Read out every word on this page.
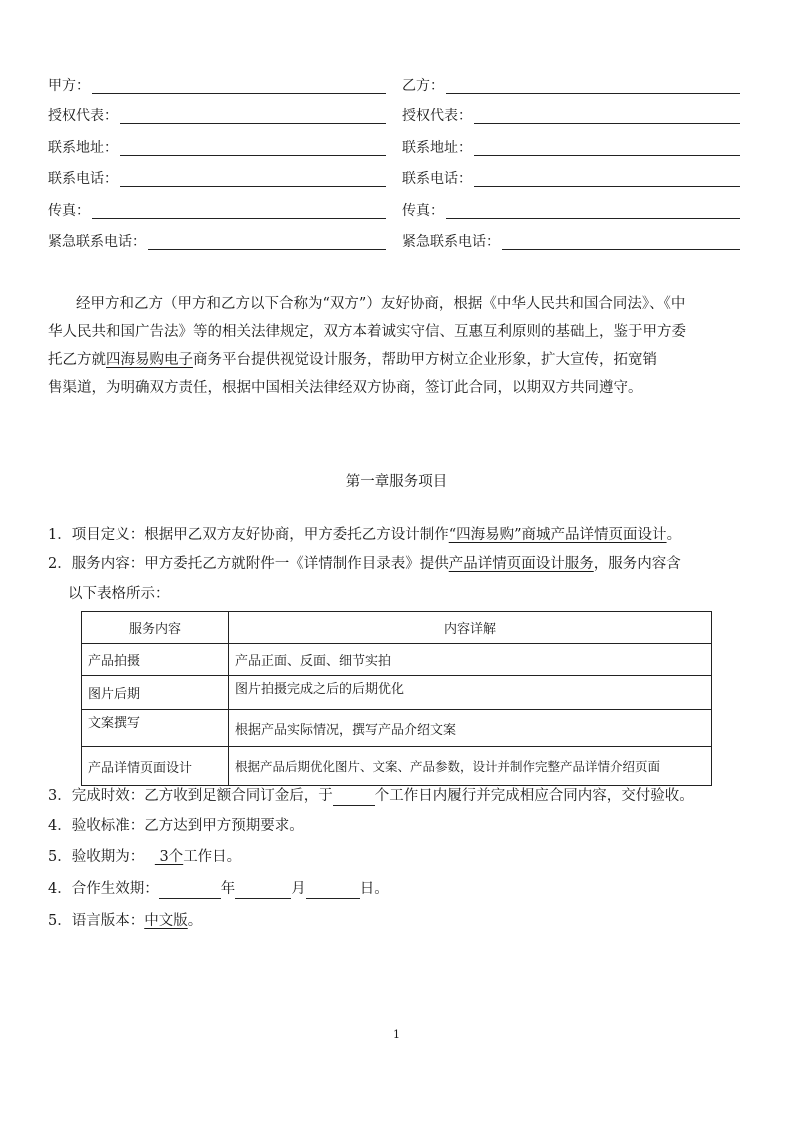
甲方：
授权代表：
联系地址：
联系电话：
传真：
紧急联系电话：
乙方：
授权代表：
联系地址：
联系电话：
传真：
紧急联系电话：
经甲方和乙方（甲方和乙方以下合称为“双方”）友好协商，根据《中华人民共和国合同法》、《中
华人民共和国广告法》等的相关法律规定，双方本着诚实守信、互惠互利原则的基础上，鉴于甲方委
托乙方就四海易购电子商务平台提供视觉设计服务，帮助甲方树立企业形象，扩大宣传，拓宽销
售渠道，为明确双方责任，根据中国相关法律经双方协商，签订此合同，以期双方共同遵守。
第一章服务项目
1．项目定义：根据甲乙双方友好协商，甲方委托乙方设计制作“四海易购”商城产品详情页面设计。
2．服务内容：甲方委托乙方就附件一《详情制作目录表》提供产品详情页面设计服务，服务内容含
以下表格所示：
服务内容	内容详解
产品拍摄	产品正面、反面、细节实拍
图片后期	图片拍摄完成之后的后期优化
文案撰写	根据产品实际情况，撰写产品介绍文案
产品详情页面设计	根据产品后期优化图片、文案、产品参数，设计并制作完整产品详情介绍页面
3．完成时效：乙方收到足额合同订金后，于	个工作日内履行并完成相应合同内容，交付验收。
4．验收标准：乙方达到甲方预期要求。
5．验收期为：  3个工作日。
4．合作生效期：	年	月	日。
5．语言版本：中文版。
1
